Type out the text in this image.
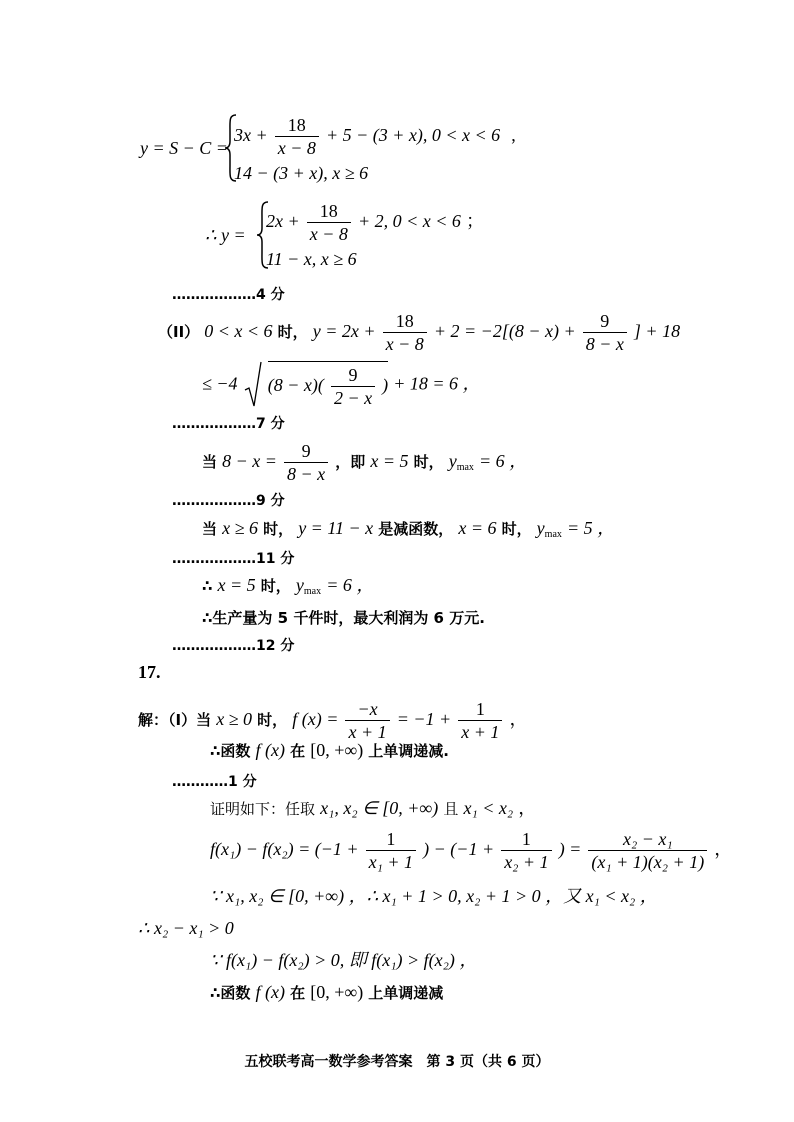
y = S − C =
$3x + \frac{18}{x - 8} + 5 - (3 + x)$, 0 < x < 6 ,
14 − (3 + x), x ≥ 6
∴ y =
$2x + \frac{18}{x - 8} + 2$, 0 < x < 6 ；
11 − x, x ≥ 6
………………4 分
（II） 0 < x < 6 时， $y = 2x + \frac{18}{x - 8} + 2 = -2[(8 - x) + \frac{9}{8 - x}$ ] + 18
≤ −4 $(8 - x)( \frac{9}{2 - x}$ ) + 18 = 6 ，
………………7 分
当 $8 - x = \frac{9}{8 - x}$ ，即 x = 5 时， ymax = 6 ，
………………9 分
当 x ≥ 6 时， y = 11 − x 是减函数， x = 6 时， ymax = 5 ，
………………11 分
∴ x = 5 时， ymax = 6 ，
∴生产量为 5 千件时，最大利润为 6 万元.
………………12 分
17.
解：（I）当 x ≥ 0 时， f $(x) = \frac{-x}{x + 1} = -1 + \frac{1}{x + 1}$ ，
∴函数 f (x) 在 [0, +∞) 上单调递减.
…………1 分
证明如下：任取 x₁, x₂ ∈ [0, +∞) 且 x₁ < x₂ ，
$f(x_1) - f(x_2) = (-1 + \frac{1}{\text{x₁ + 1}}$ ) − ($-1 + \frac{1}{\text{x₂ + 1}}$ ) = $\frac{\text{x₂ − x₁}}{\text{(x₁ + 1)(x₂ + 1)}}$ ，
∵ x₁, x₂ ∈ [0, +∞) ，∴ x₁ + 1 > 0, x₂ + 1 > 0 ，又 x₁ < x₂ ，
∴ x₂ − x₁ > 0
∵ f(x₁) − f(x₂) > 0, 即 f(x₁) > f(x₂) ，
∴函数 f (x) 在 [0, +∞) 上单调递减
五校联考高一数学参考答案　第 3 页（共 6 页）
